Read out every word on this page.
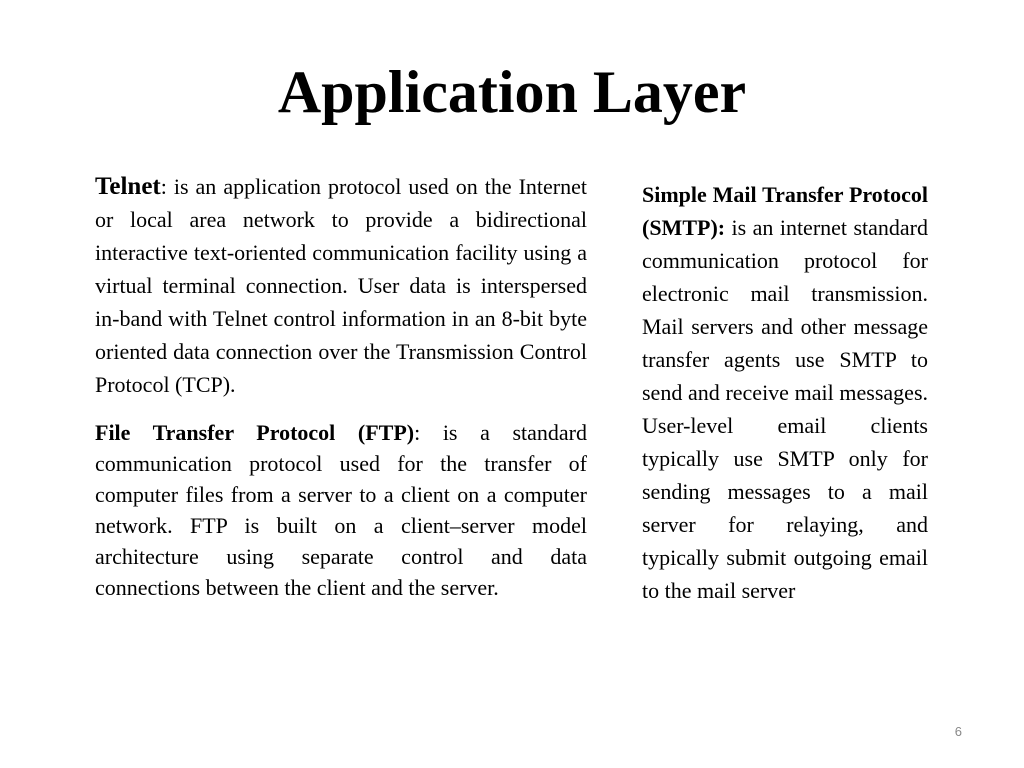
Application Layer

Telnet: is an application protocol used on the Internet or local area network to provide a bidirectional interactive text-oriented communication facility using a virtual terminal connection. User data is interspersed in-band with Telnet control information in an 8-bit byte oriented data connection over the Transmission Control Protocol (TCP).

File Transfer Protocol (FTP): is a standard communication protocol used for the transfer of computer files from a server to a client on a computer network. FTP is built on a client–server model architecture using separate control and data connections between the client and the server.

Simple Mail Transfer Protocol (SMTP): is an internet standard communication protocol for electronic mail transmission. Mail servers and other message transfer agents use SMTP to send and receive mail messages. User-level email clients typically use SMTP only for sending messages to a mail server for relaying, and typically submit outgoing email to the mail server

6
